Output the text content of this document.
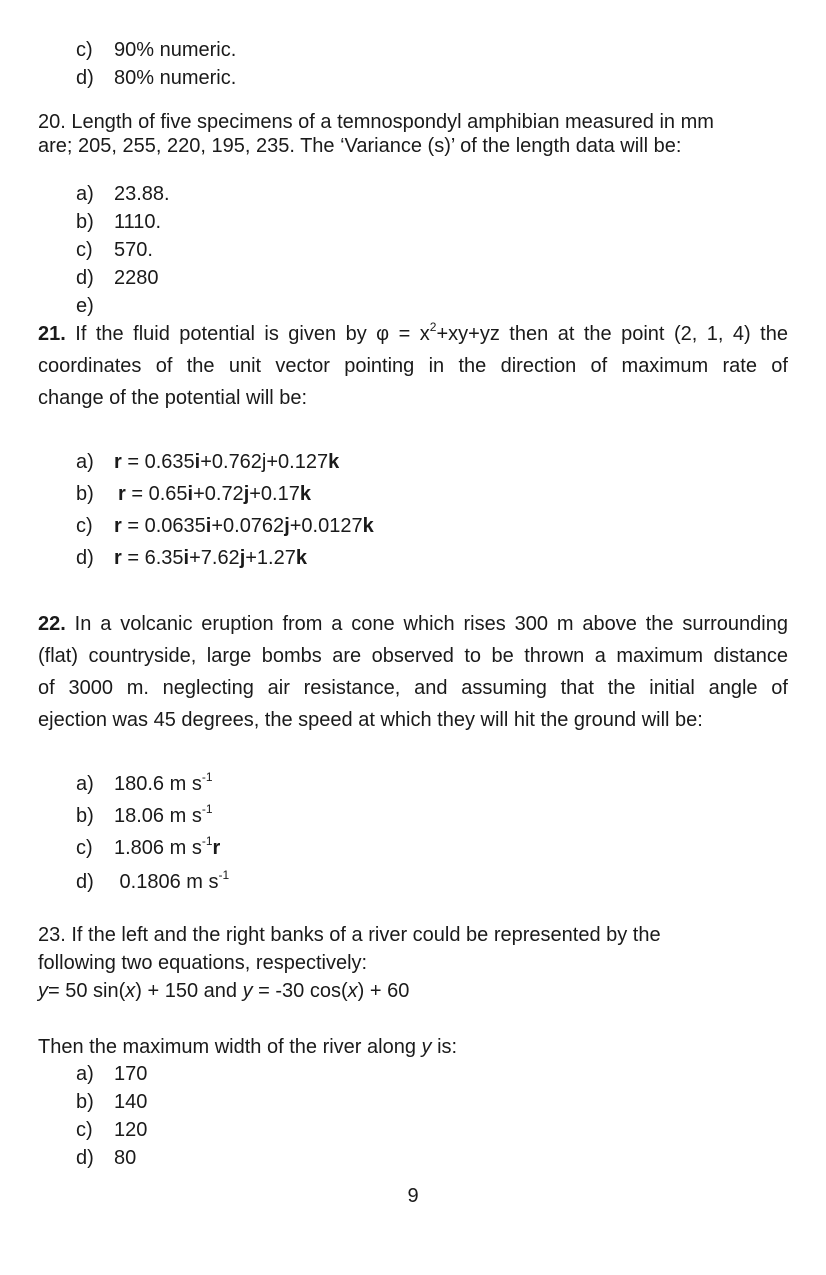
c) 90% numeric.
d) 80% numeric.
20. Length of five specimens of a temnospondyl amphibian measured in mm
are; 205, 255, 220, 195, 235. The ‘Variance (s)’ of the length data will be:
a) 23.88.
b) 1110.
c) 570.
d) 2280
e)
21. If the fluid potential is given by $\varphi = x^2+xy+yz$ then at the point (2, 1, 4) the
coordinates of the unit vector pointing in the direction of maximum rate of
change of the potential will be:
a) r = 0.635i+0.762j+0.127k
b) r = 0.65i+0.72j+0.17k
c) r = 0.0635i+0.0762j+0.0127k
d) r = 6.35i+7.62j+1.27k
22. In a volcanic eruption from a cone which rises 300 m above the surrounding
(flat) countryside, large bombs are observed to be thrown a maximum distance
of 3000 m. neglecting air resistance, and assuming that the initial angle of
ejection was 45 degrees, the speed at which they will hit the ground will be:
a) 180.6 m $s^{-1}$
b) 18.06 m $s^{-1}$
c) 1.806 m $s^{-1}r$
d) 0.1806 m $s^{-1}$
23. If the left and the right banks of a river could be represented by the
following two equations, respectively:
y= 50 sin(x) + 150 and y = -30 cos(x) + 60
Then the maximum width of the river along y is:
a) 170
b) 140
c) 120
d) 80
9
